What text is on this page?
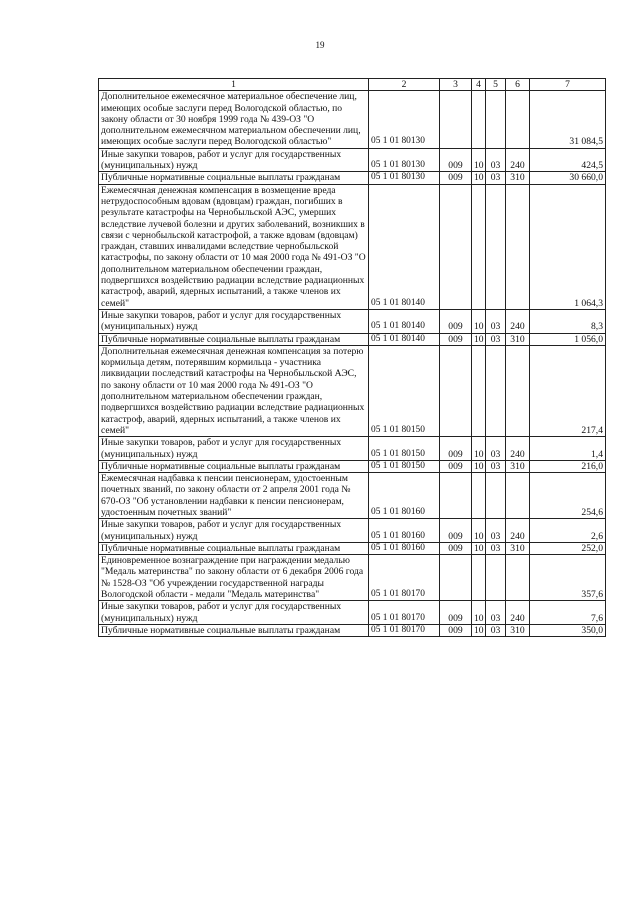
19
1	2	3	4	5	6	7
Дополнительное ежемесячное материальное обеспечение лиц, имеющих особые заслуги перед Вологодской областью, по закону области от 30 ноября 1999 года № 439-ОЗ "О дополнительном ежемесячном материальном обеспечении лиц, имеющих особые заслуги перед Вологодской областью"	05 1 01 80130					31 084,5
Иные закупки товаров, работ и услуг для государственных (муниципальных) нужд	05 1 01 80130	009	10	03	240	424,5
Публичные нормативные социальные выплаты гражданам	05 1 01 80130	009	10	03	310	30 660,0
Ежемесячная денежная компенсация в возмещение вреда нетрудоспособным вдовам (вдовцам) граждан, погибших в результате катастрофы на Чернобыльской АЭС, умерших вследствие лучевой болезни и других заболеваний, возникших в связи с чернобыльской катастрофой, а также вдовам (вдовцам) граждан, ставших инвалидами вследствие чернобыльской катастрофы, по закону области от 10 мая 2000 года № 491-ОЗ "О дополнительном материальном обеспечении граждан, подвергшихся воздействию радиации вследствие радиационных катастроф, аварий, ядерных испытаний, а также членов их семей"	05 1 01 80140					1 064,3
Иные закупки товаров, работ и услуг для государственных (муниципальных) нужд	05 1 01 80140	009	10	03	240	8,3
Публичные нормативные социальные выплаты гражданам	05 1 01 80140	009	10	03	310	1 056,0
Дополнительная ежемесячная денежная компенсация за потерю кормильца детям, потерявшим кормильца - участника ликвидации последствий катастрофы на Чернобыльской АЭС, по закону области от 10 мая 2000 года № 491-ОЗ "О дополнительном материальном обеспечении граждан, подвергшихся воздействию радиации вследствие радиационных катастроф, аварий, ядерных испытаний, а также членов их семей"	05 1 01 80150					217,4
Иные закупки товаров, работ и услуг для государственных (муниципальных) нужд	05 1 01 80150	009	10	03	240	1,4
Публичные нормативные социальные выплаты гражданам	05 1 01 80150	009	10	03	310	216,0
Ежемесячная надбавка к пенсии пенсионерам, удостоенным почетных званий, по закону области от 2 апреля 2001 года № 670-ОЗ "Об установлении надбавки к пенсии пенсионерам, удостоенным почетных званий"	05 1 01 80160					254,6
Иные закупки товаров, работ и услуг для государственных (муниципальных) нужд	05 1 01 80160	009	10	03	240	2,6
Публичные нормативные социальные выплаты гражданам	05 1 01 80160	009	10	03	310	252,0
Единовременное вознаграждение при награждении медалью "Медаль материнства" по закону области от 6 декабря 2006 года № 1528-ОЗ "Об учреждении государственной награды Вологодской области - медали "Медаль материнства"	05 1 01 80170					357,6
Иные закупки товаров, работ и услуг для государственных (муниципальных) нужд	05 1 01 80170	009	10	03	240	7,6
Публичные нормативные социальные выплаты гражданам	05 1 01 80170	009	10	03	310	350,0
